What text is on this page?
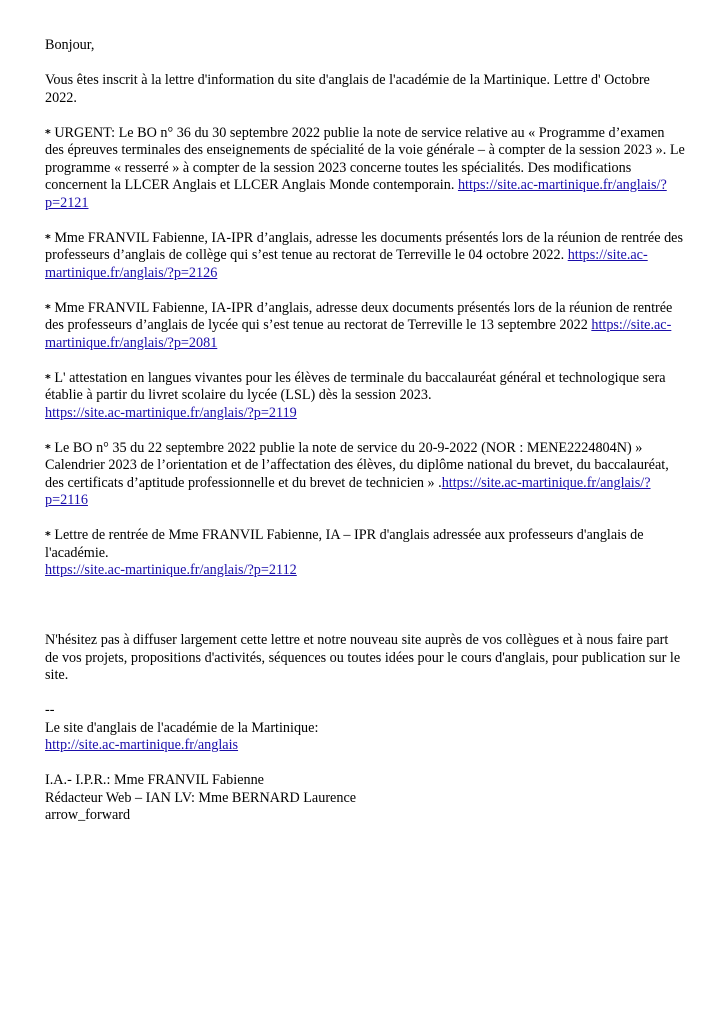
Bonjour,

Vous êtes inscrit à la lettre d'information du site d'anglais de l'académie de la Martinique. Lettre d' Octobre 2022.

* URGENT: Le BO n° 36 du 30 septembre 2022 publie la note de service relative au « Programme d’examen des épreuves terminales des enseignements de spécialité de la voie générale – à compter de la session 2023 ». Le programme « resserré » à compter de la session 2023 concerne toutes les spécialités. Des modifications concernent la LLCER Anglais et LLCER Anglais Monde contemporain. https://site.ac-martinique.fr/anglais/?p=2121

* Mme FRANVIL Fabienne, IA-IPR d’anglais, adresse les documents présentés lors de la réunion de rentrée des professeurs d’anglais de collège qui s’est tenue au rectorat de Terreville le 04 octobre 2022. https://site.ac-martinique.fr/anglais/?p=2126

* Mme FRANVIL Fabienne, IA-IPR d’anglais, adresse deux documents présentés lors de la réunion de rentrée des professeurs d’anglais de lycée qui s’est tenue au rectorat de Terreville le 13 septembre 2022 https://site.ac-martinique.fr/anglais/?p=2081

* L' attestation en langues vivantes pour les élèves de terminale du baccalauréat général et technologique sera établie à partir du livret scolaire du lycée (LSL) dès la session 2023.
https://site.ac-martinique.fr/anglais/?p=2119

* Le BO n° 35 du 22 septembre 2022 publie la note de service du 20-9-2022 (NOR : MENE2224804N) » Calendrier 2023 de l’orientation et de l’affectation des élèves, du diplôme national du brevet, du baccalauréat, des certificats d’aptitude professionnelle et du brevet de technicien » .https://site.ac-martinique.fr/anglais/?p=2116

* Lettre de rentrée de Mme FRANVIL Fabienne, IA – IPR d'anglais adressée aux professeurs d'anglais de l'académie.
https://site.ac-martinique.fr/anglais/?p=2112

N'hésitez pas à diffuser largement cette lettre et notre nouveau site auprès de vos collègues et à nous faire part de vos projets, propositions d'activités, séquences ou toutes idées pour le cours d'anglais, pour publication sur le site.

--
Le site d'anglais de l'académie de la Martinique:
http://site.ac-martinique.fr/anglais
I.A.- I.P.R.: Mme FRANVIL Fabienne
Rédacteur Web – IAN LV: Mme BERNARD Laurence
arrow_forward
